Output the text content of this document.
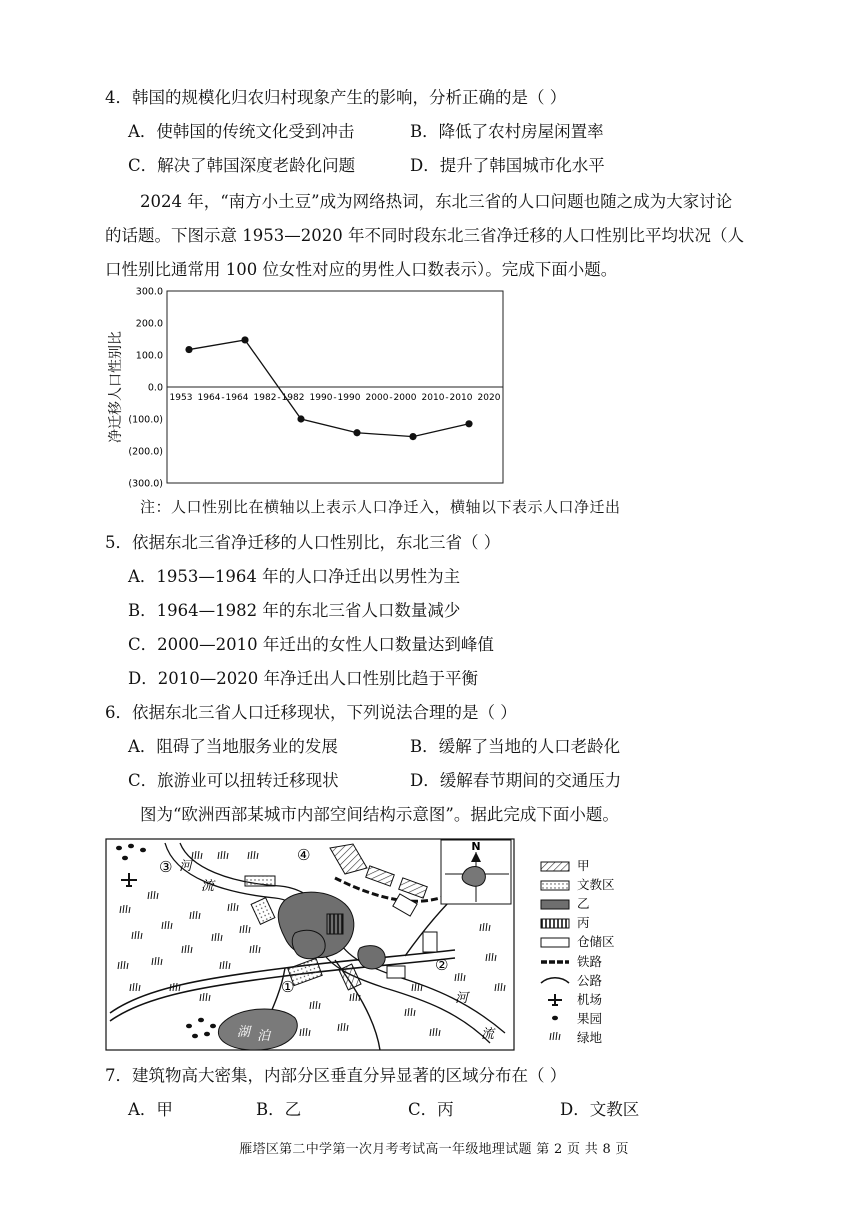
4．韩国的规模化归农归村现象产生的影响，分析正确的是（ ）
A．使韩国的传统文化受到冲击	B．降低了农村房屋闲置率
C．解决了韩国深度老龄化问题	D．提升了韩国城市化水平
2024 年，“南方小土豆”成为网络热词，东北三省的人口问题也随之成为大家讨论
的话题。下图示意 1953—2020 年不同时段东北三省净迁移的人口性别比平均状况（人
口性别比通常用 100 位女性对应的男性人口数表示）。完成下面小题。
300.0
200.0
100.0
0.0
(100.0)
(200.0)
(300.0)
1953 1964 - 1964 1982 - 1982 1990 - 1990 2000 - 2000 2010 - 2010 2020
净迁移人口性别比
注：人口性别比在横轴以上表示人口净迁入，横轴以下表示人口净迁出
5．依据东北三省净迁移的人口性别比，东北三省（ ）
A．1953—1964 年的人口净迁出以男性为主
B．1964—1982 年的东北三省人口数量减少
C．2000—2010 年迁出的女性人口数量达到峰值
D．2010—2020 年净迁出人口性别比趋于平衡
6．依据东北三省人口迁移现状，下列说法合理的是（ ）
A．阻碍了当地服务业的发展	B．缓解了当地的人口老龄化
C．旅游业可以扭转迁移现状	D．缓解春节期间的交通压力
图为“欧洲西部某城市内部空间结构示意图”。据此完成下面小题。
N
河
流
河
流
湖 泊
③
④
①
②
甲
文教区
乙
丙
仓储区
铁路
公路
机场
果园
绿地
7．建筑物高大密集，内部分区垂直分异显著的区域分布在（ ）
A．甲	B．乙	C．丙	D．文教区
雁塔区第二中学第一次月考考试高一年级地理试题 第 2 页 共 8 页
